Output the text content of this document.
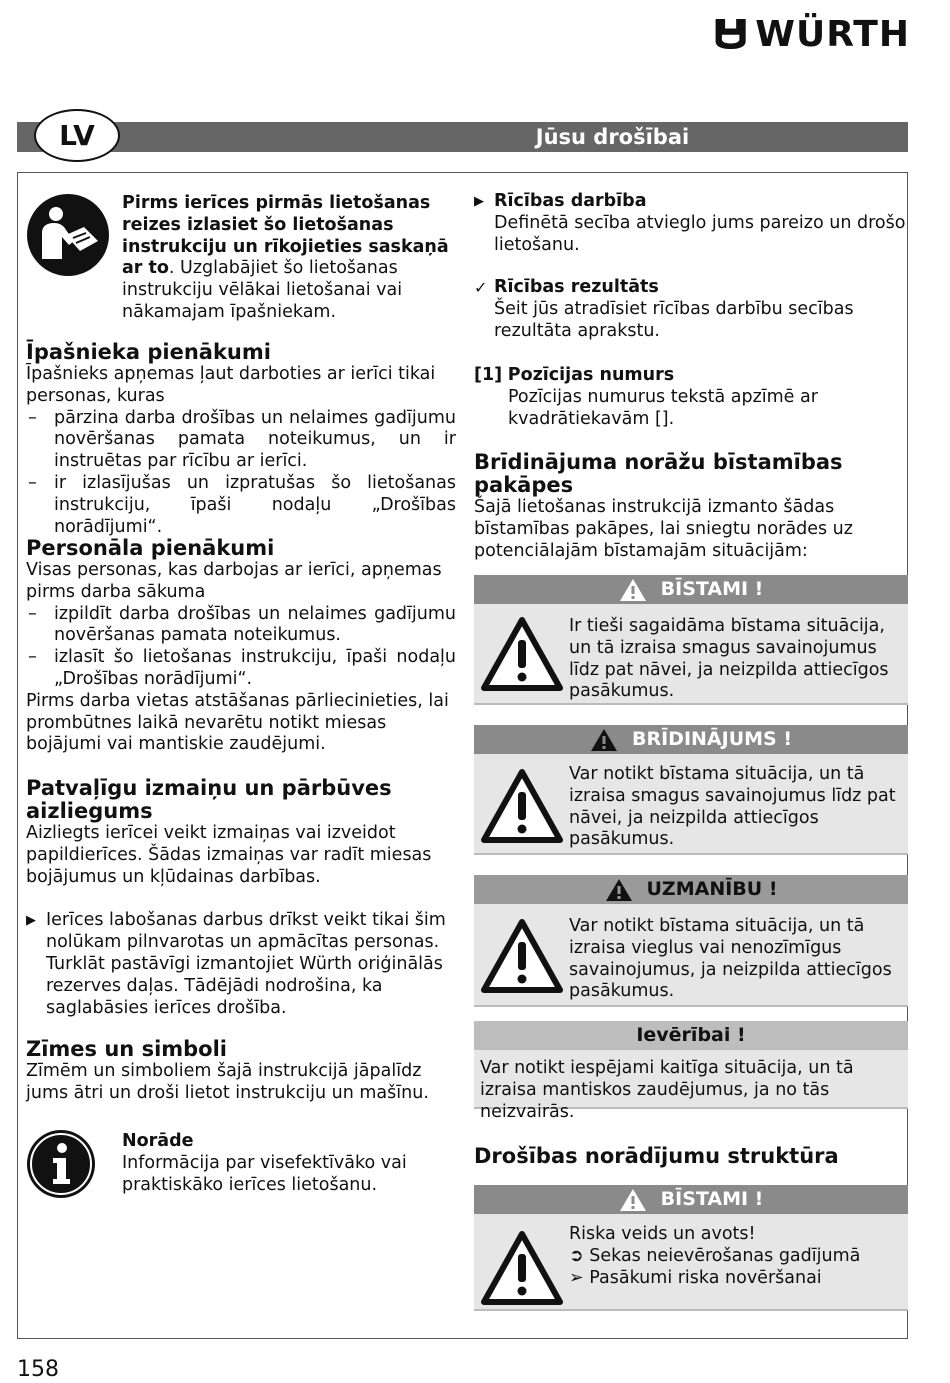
WÜRTH
Jūsu drošībai
LV

Pirms ierīces pirmās lietošanas reizes izlasiet šo lietošanas instrukciju un rīkojieties saskaņā ar to. Uzglabājiet šo lietošanas instrukciju vēlākai lietošanai vai nākamajam īpašniekam.

Īpašnieka pienākumi

Īpašnieks apņemas ļaut darboties ar ierīci tikai personas, kuras

– pārzina darba drošības un nelaimes gadījumu novēršanas pamata noteikumus, un ir instruētas par rīcību ar ierīci.
– ir izlasījušas un izpratušas šo lietošanas instrukciju, īpaši nodaļu „Drošības norādījumi“.
Personāla pienākumi

Visas personas, kas darbojas ar ierīci, apņemas pirms darba sākuma

– izpildīt darba drošības un nelaimes gadījumu novēršanas pamata noteikumus.
– izlasīt šo lietošanas instrukciju, īpaši nodaļu „Drošības norādījumi“.

Pirms darba vietas atstāšanas pārliecinieties, lai prombūtnes laikā nevarētu notikt miesas bojājumi vai mantiskie zaudējumi.

Patvaļīgu izmaiņu un pārbūves aizliegums

Aizliegts ierīcei veikt izmaiņas vai izveidot papildierīces. Šādas izmaiņas var radīt miesas bojājumus un kļūdainas darbības.

▶ Ierīces labošanas darbus drīkst veikt tikai šim nolūkam pilnvarotas un apmācītas personas. Turklāt pastāvīgi izmantojiet Würth oriģinālās rezerves daļas. Tādējādi nodrošina, ka saglabāsies ierīces drošība.

Zīmes un simboli

Zīmēm un simboliem šajā instrukcijā jāpalīdz jums ātri un droši lietot instrukciju un mašīnu.

Norāde

Informācija par visefektīvāko vai praktiskāko ierīces lietošanu.

▶ Rīcības darbība

Definētā secība atvieglo jums pareizo un drošo lietošanu.

✓ Rīcības rezultāts

Šeit jūs atradīsiet rīcības darbību secības rezultāta aprakstu.

[1] Pozīcijas numurs

Pozīcijas numurus tekstā apzīmē ar kvadrātiekavām [].

Brīdinājuma norāžu bīstamības pakāpes

Šajā lietošanas instrukcijā izmanto šādas bīstamības pakāpes, lai sniegtu norādes uz potenciālajām bīstamajām situācijām:

BĪSTAMI !

Ir tieši sagaidāma bīstama situācija, un tā izraisa smagus savainojumus līdz pat nāvei, ja neizpilda attiecīgos pasākumus.

BRĪDINĀJUMS !

Var notikt bīstama situācija, un tā izraisa smagus savainojumus līdz pat nāvei, ja neizpilda attiecīgos pasākumus.

UZMANĪBU !

Var notikt bīstama situācija, un tā izraisa vieglus vai nenozīmīgus savainojumus, ja neizpilda attiecīgos pasākumus.

Ievērībai !

Var notikt iespējami kaitīga situācija, un tā izraisa mantiskos zaudējumus, ja no tās neizvairās.

Drošības norādījumu struktūra
BĪSTAMI !

Riska veids un avots!

➲ Sekas neievērošanas gadījumā

➢ Pasākumi riska novēršanai

158
